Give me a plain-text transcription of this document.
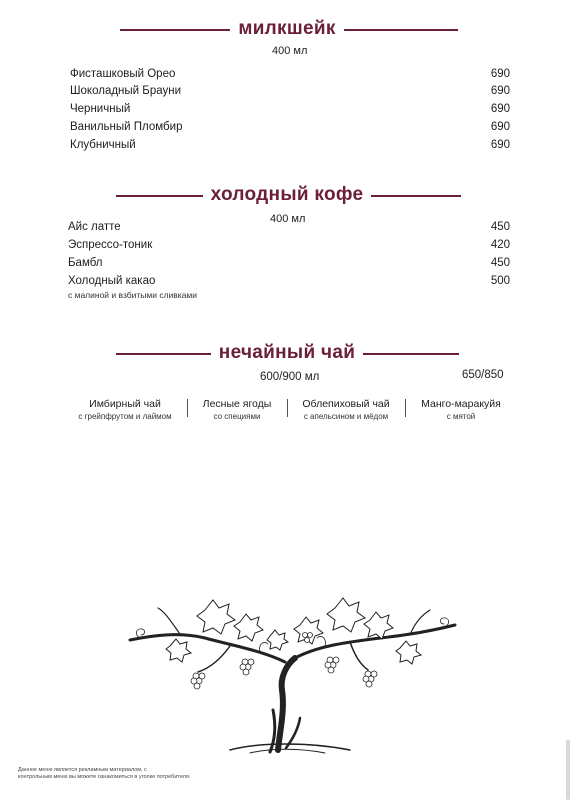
милкшейк
400 мл
Фисташковый Орео	690
Шоколадный Брауни	690
Черничный	690
Ванильный Пломбир	690
Клубничный	690
холодный кофе
400 мл
Айс латте	450
Эспрессо-тоник	420
Бамбл	450
Холодный какао	500
с малиной и взбитыми сливками
нечайный чай
600/900 мл	650/850
Имбирный чай
с грейпфрутом и лаймом
Лесные ягоды
со специями
Облепиховый чай
с апельсином и мёдом
Манго-маракуйя
с мятой
Данное меню является рекламным материалом, с
контрольным меню вы можете ознакомиться в уголке потребителя.
